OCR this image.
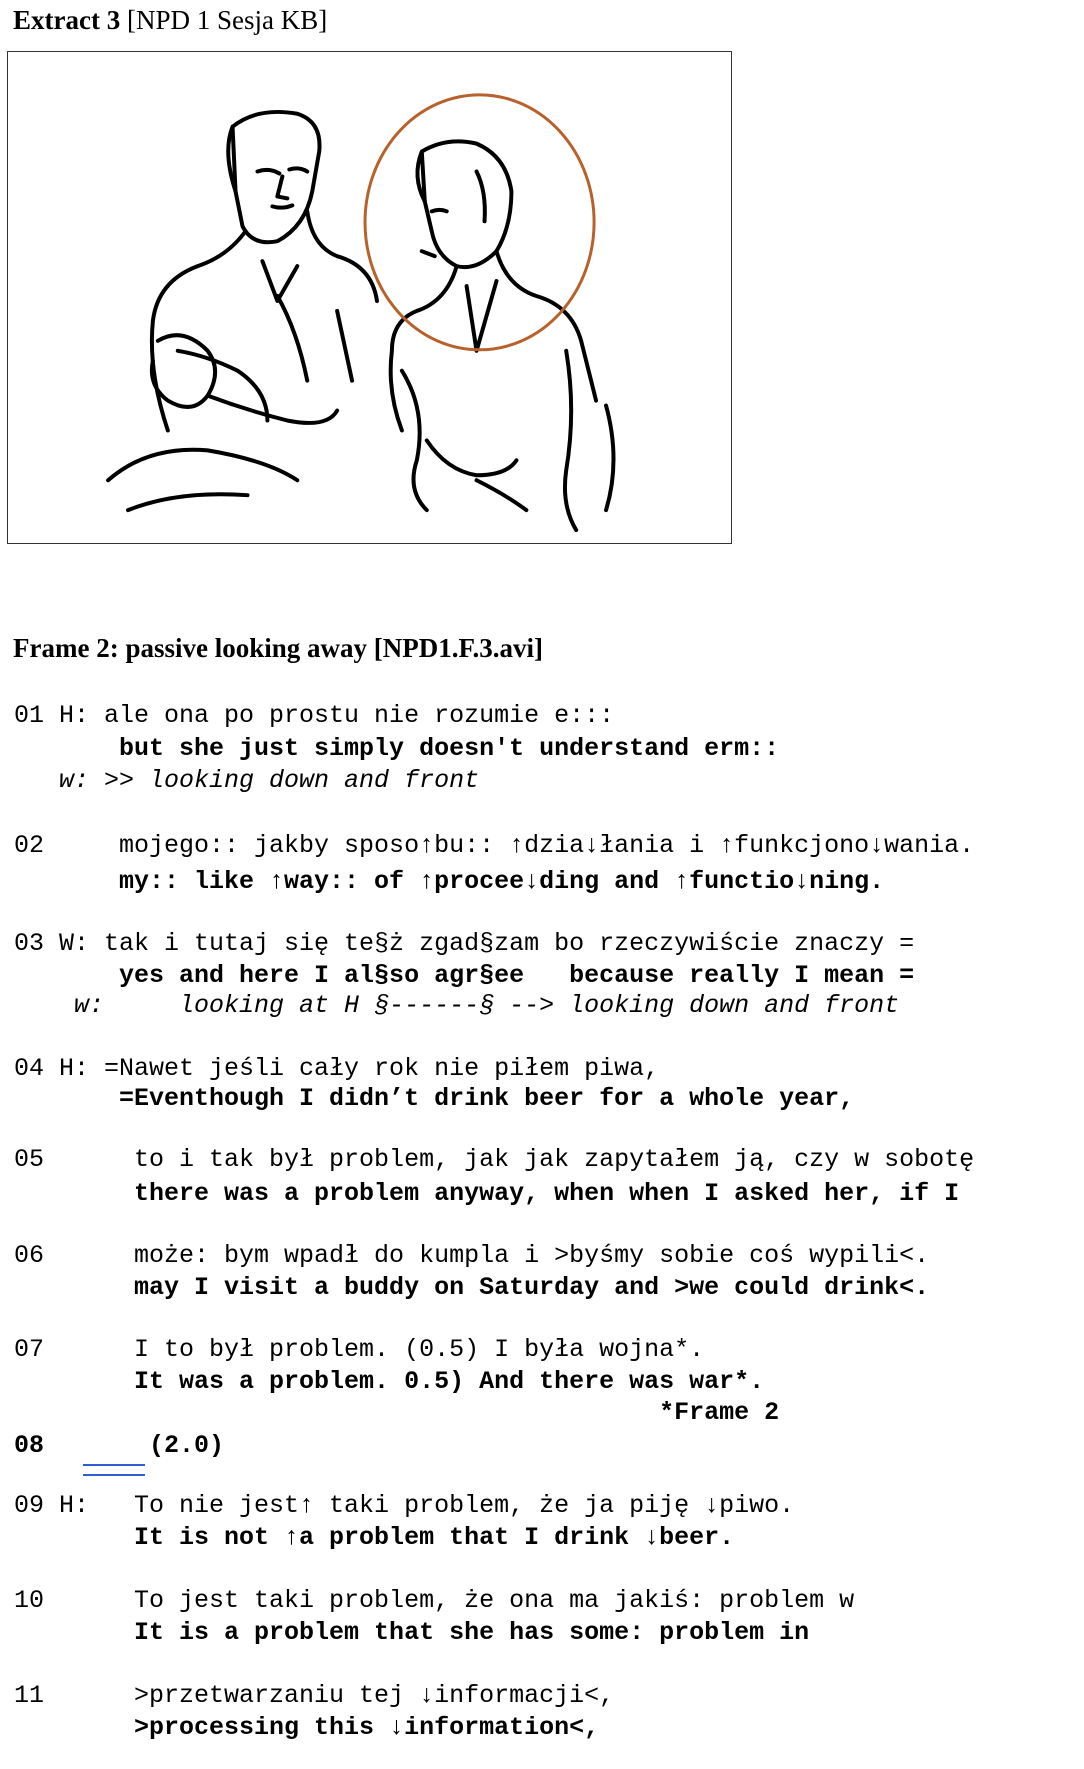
Extract 3 [NPD 1 Sesja KB]
Frame 2: passive looking away [NPD1.F.3.avi]
01 H: ale ona po prostu nie rozumie e:::
but she just simply doesn't understand erm::
w: >> looking down and front
02     mojego:: jakby sposo↑bu:: ↑dzia↓łania i ↑funkcjono↓wania.
my:: like ↑way:: of ↑procee↓ding and ↑functio↓ning.
03 W: tak i tutaj się te§ż zgad§zam bo rzeczywiście znaczy =
yes and here I al§so agr§ee   because really I mean =
w:     looking at H §------§ --> looking down and front
04 H: =Nawet jeśli cały rok nie piłem piwa,
=Eventhough I didn’t drink beer for a whole year,
05      to i tak był problem, jak jak zapytałem ją, czy w sobotę
there was a problem anyway, when when I asked her, if I
06      może: bym wpadł do kumpla i >byśmy sobie coś wypili<.
may I visit a buddy on Saturday and >we could drink<.
07      I to był problem. (0.5) I była wojna*.
It was a problem. 0.5) And there was war*.
*Frame 2
08       (2.0)
09 H:   To nie jest↑ taki problem, że ja piję ↓piwo.
It is not ↑a problem that I drink ↓beer.
10      To jest taki problem, że ona ma jakiś: problem w
It is a problem that she has some: problem in
11      >przetwarzaniu tej ↓informacji<,
>processing this ↓information<,
